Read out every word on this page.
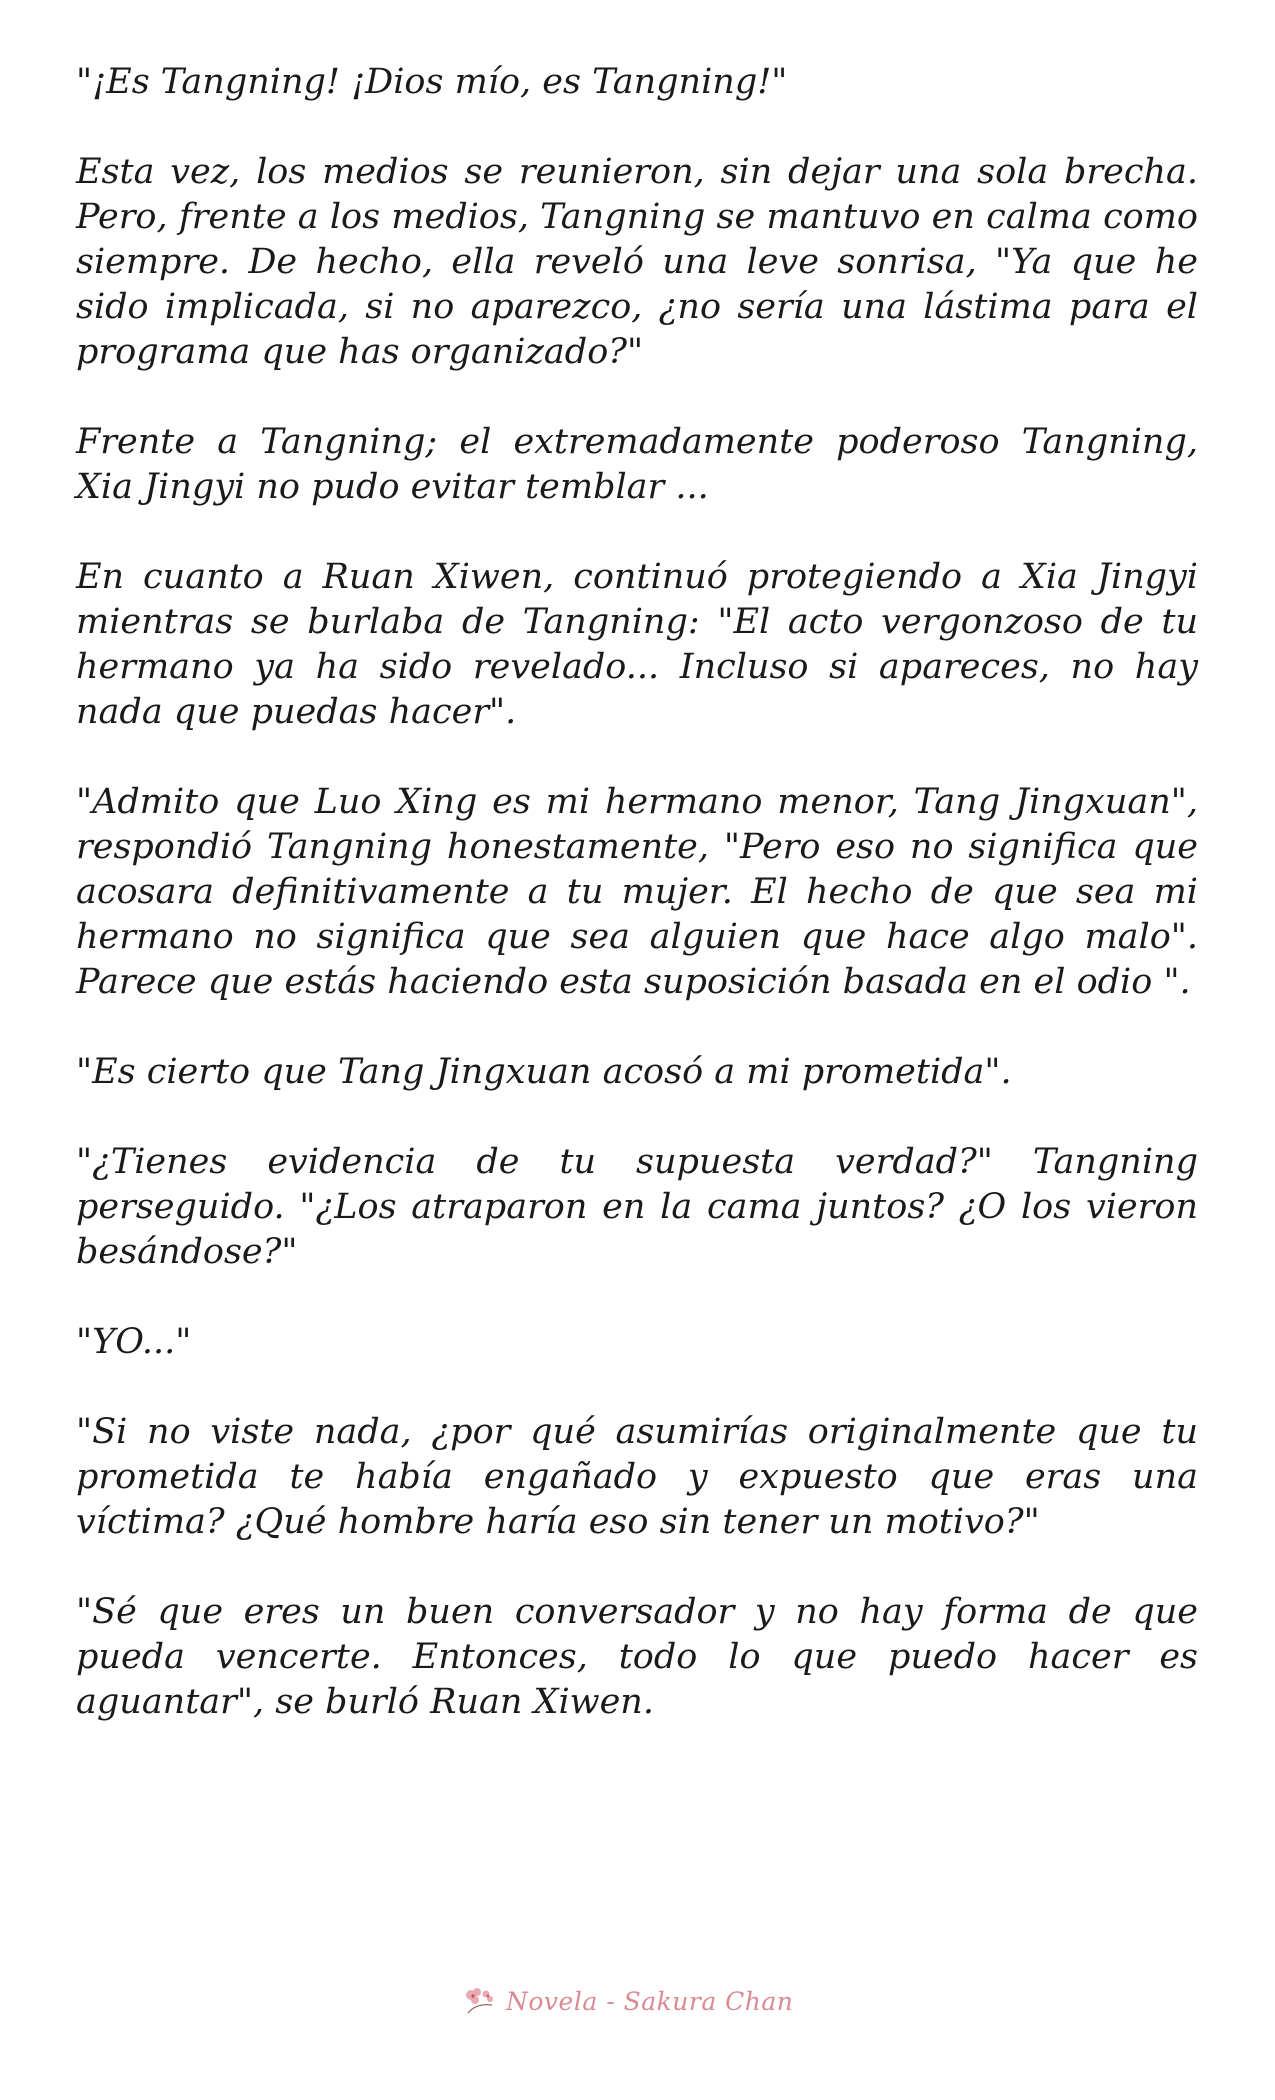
"¡Es Tangning! ¡Dios mío, es Tangning!"

Esta vez, los medios se reunieron, sin dejar una sola brecha. Pero, frente a los medios, Tangning se mantuvo en calma como siempre. De hecho, ella reveló una leve sonrisa, "Ya que he sido implicada, si no aparezco, ¿no sería una lástima para el programa que has organizado?"

Frente a Tangning; el extremadamente poderoso Tangning, Xia Jingyi no pudo evitar temblar ...

En cuanto a Ruan Xiwen, continuó protegiendo a Xia Jingyi mientras se burlaba de Tangning: "El acto vergonzoso de tu hermano ya ha sido revelado... Incluso si apareces, no hay nada que puedas hacer".

"Admito que Luo Xing es mi hermano menor, Tang Jingxuan", respondió Tangning honestamente, "Pero eso no significa que acosara definitivamente a tu mujer. El hecho de que sea mi hermano no significa que sea alguien que hace algo malo". Parece que estás haciendo esta suposición basada en el odio ".

"Es cierto que Tang Jingxuan acosó a mi prometida".

"¿Tienes evidencia de tu supuesta verdad?" Tangning perseguido. "¿Los atraparon en la cama juntos? ¿O los vieron besándose?"

"YO..."

"Si no viste nada, ¿por qué asumirías originalmente que tu prometida te había engañado y expuesto que eras una víctima? ¿Qué hombre haría eso sin tener un motivo?"

"Sé que eres un buen conversador y no hay forma de que pueda vencerte. Entonces, todo lo que puedo hacer es aguantar", se burló Ruan Xiwen.

Novela - Sakura Chan
